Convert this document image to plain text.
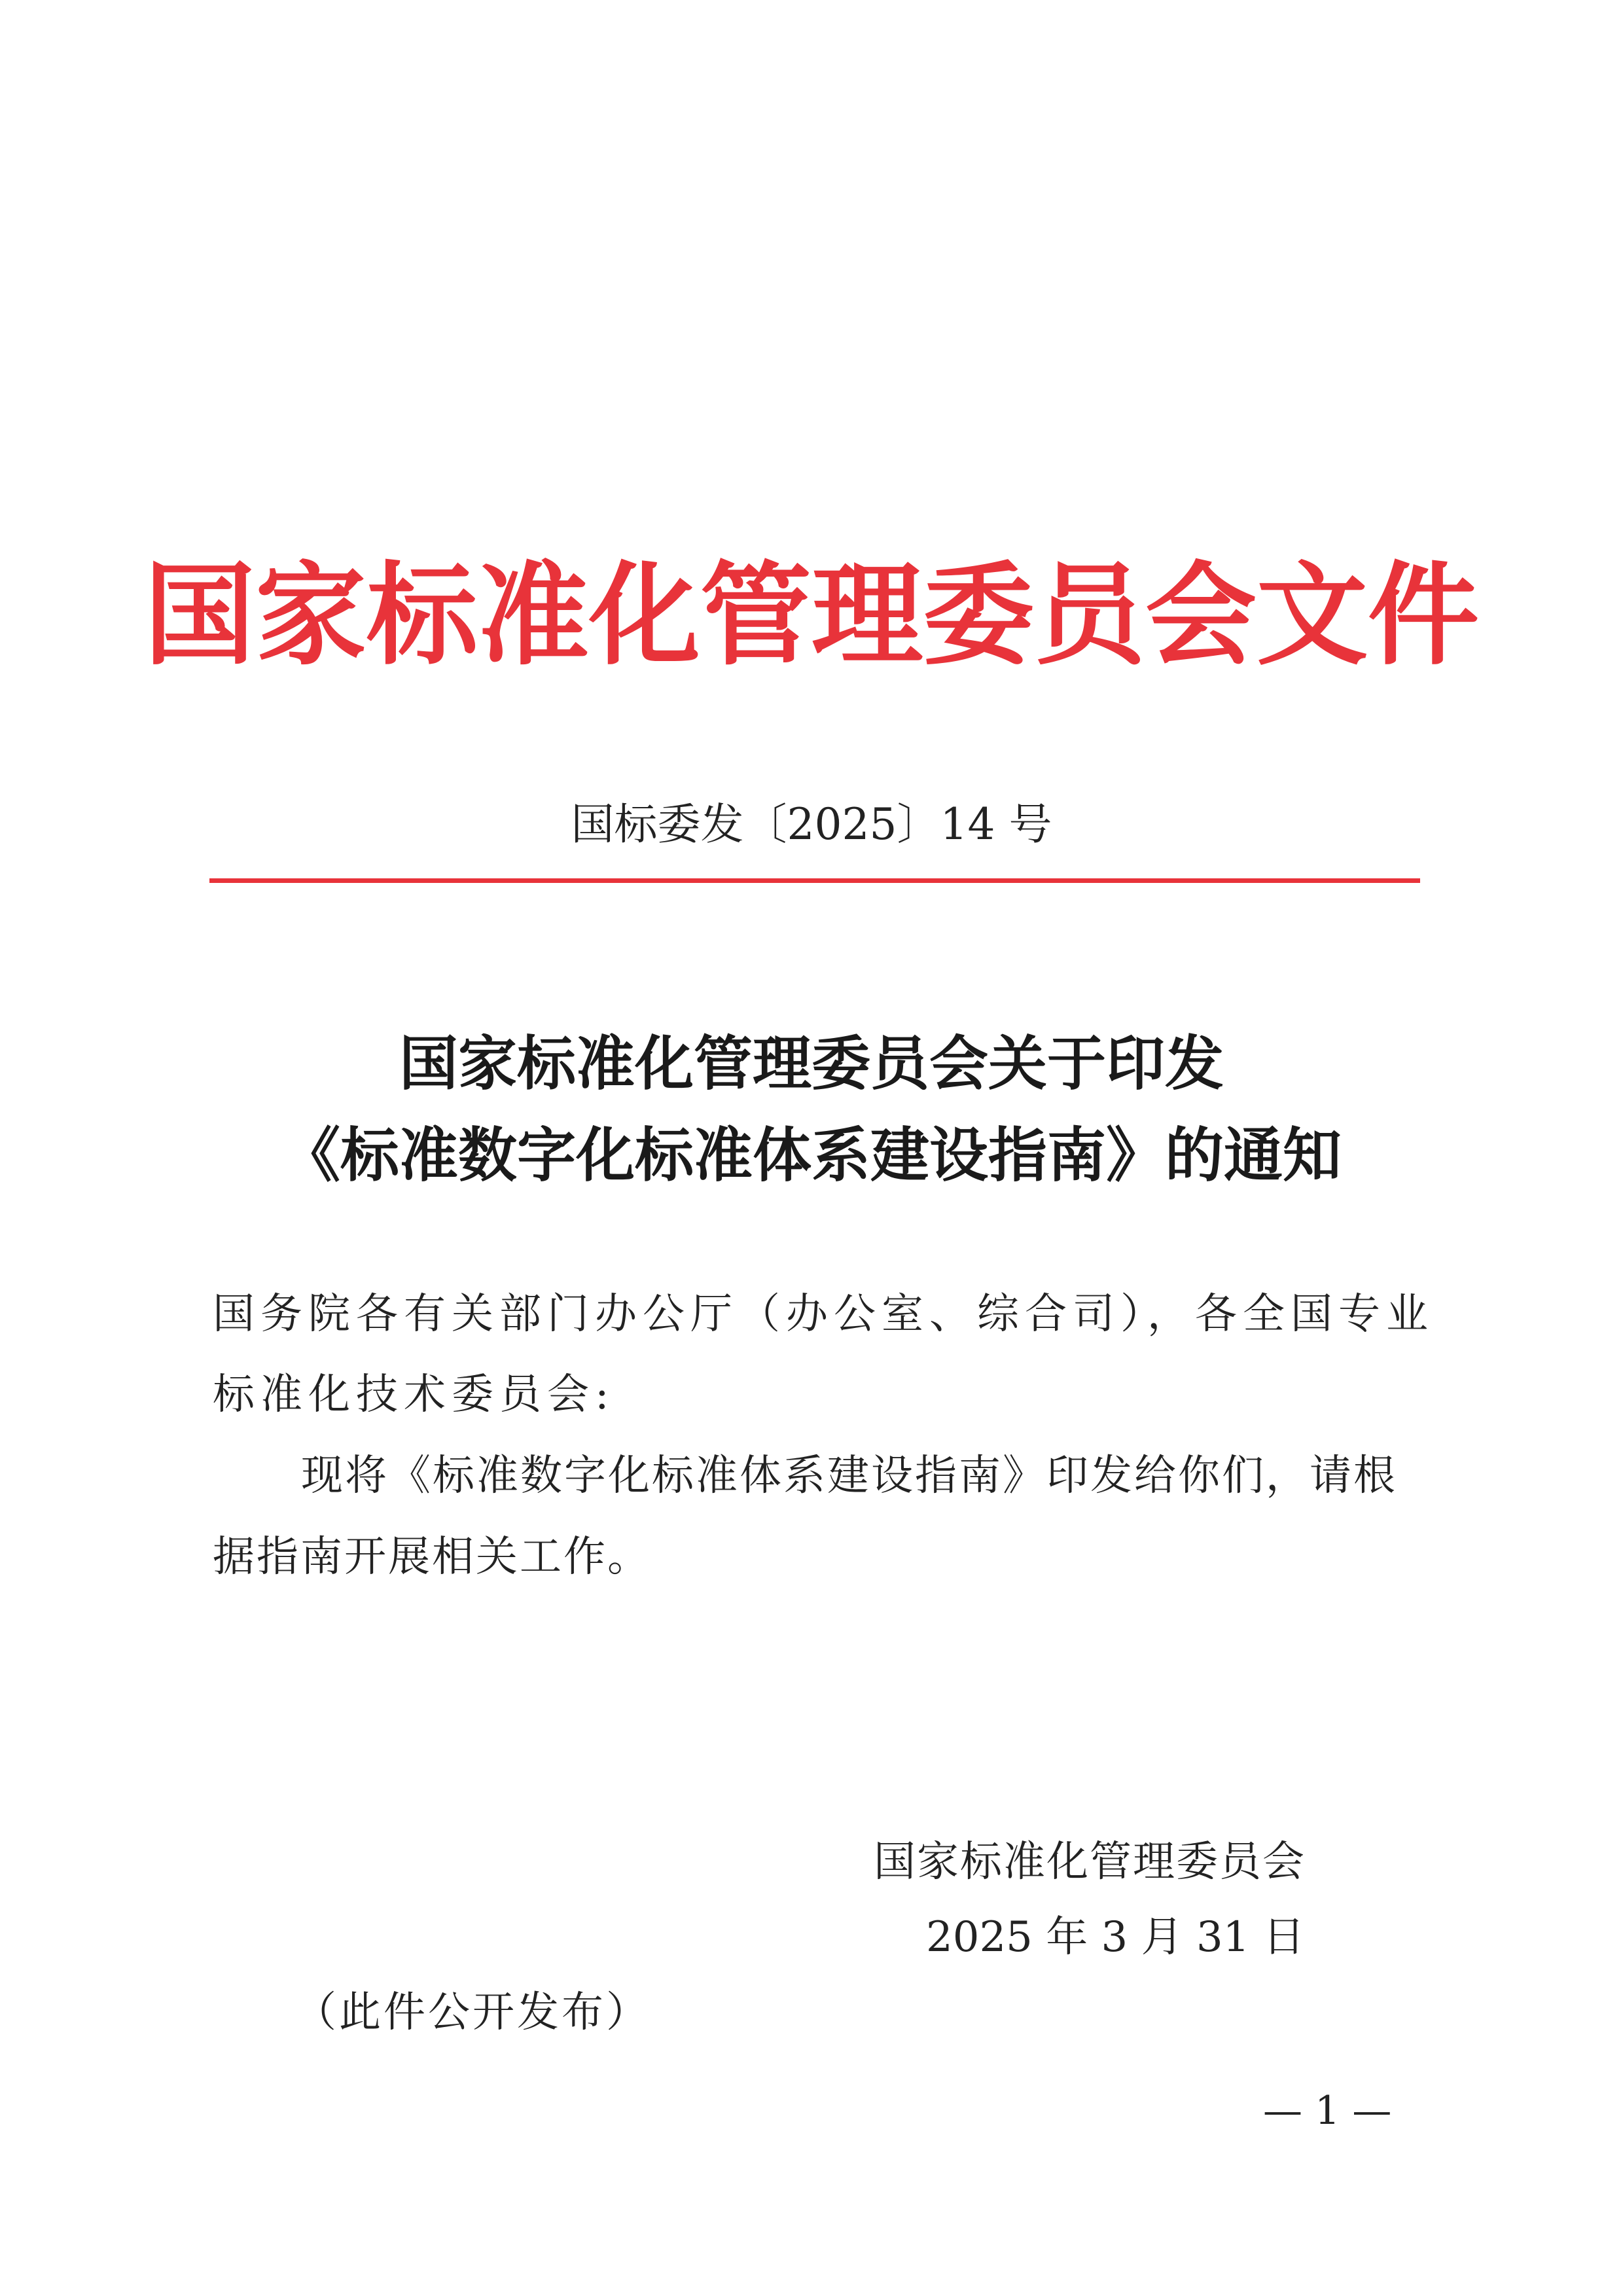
国家标准化管理委员会文件
国标委发〔2025〕14 号
国家标准化管理委员会关于印发
《标准数字化标准体系建设指南》的通知
国务院各有关部门办公厅（办公室、综合司），各全国专业
标准化技术委员会:
现将《标准数字化标准体系建设指南》印发给你们，请根
据指南开展相关工作。
国家标准化管理委员会
2025 年 3 月 31 日
（此件公开发布）
— 1 —
